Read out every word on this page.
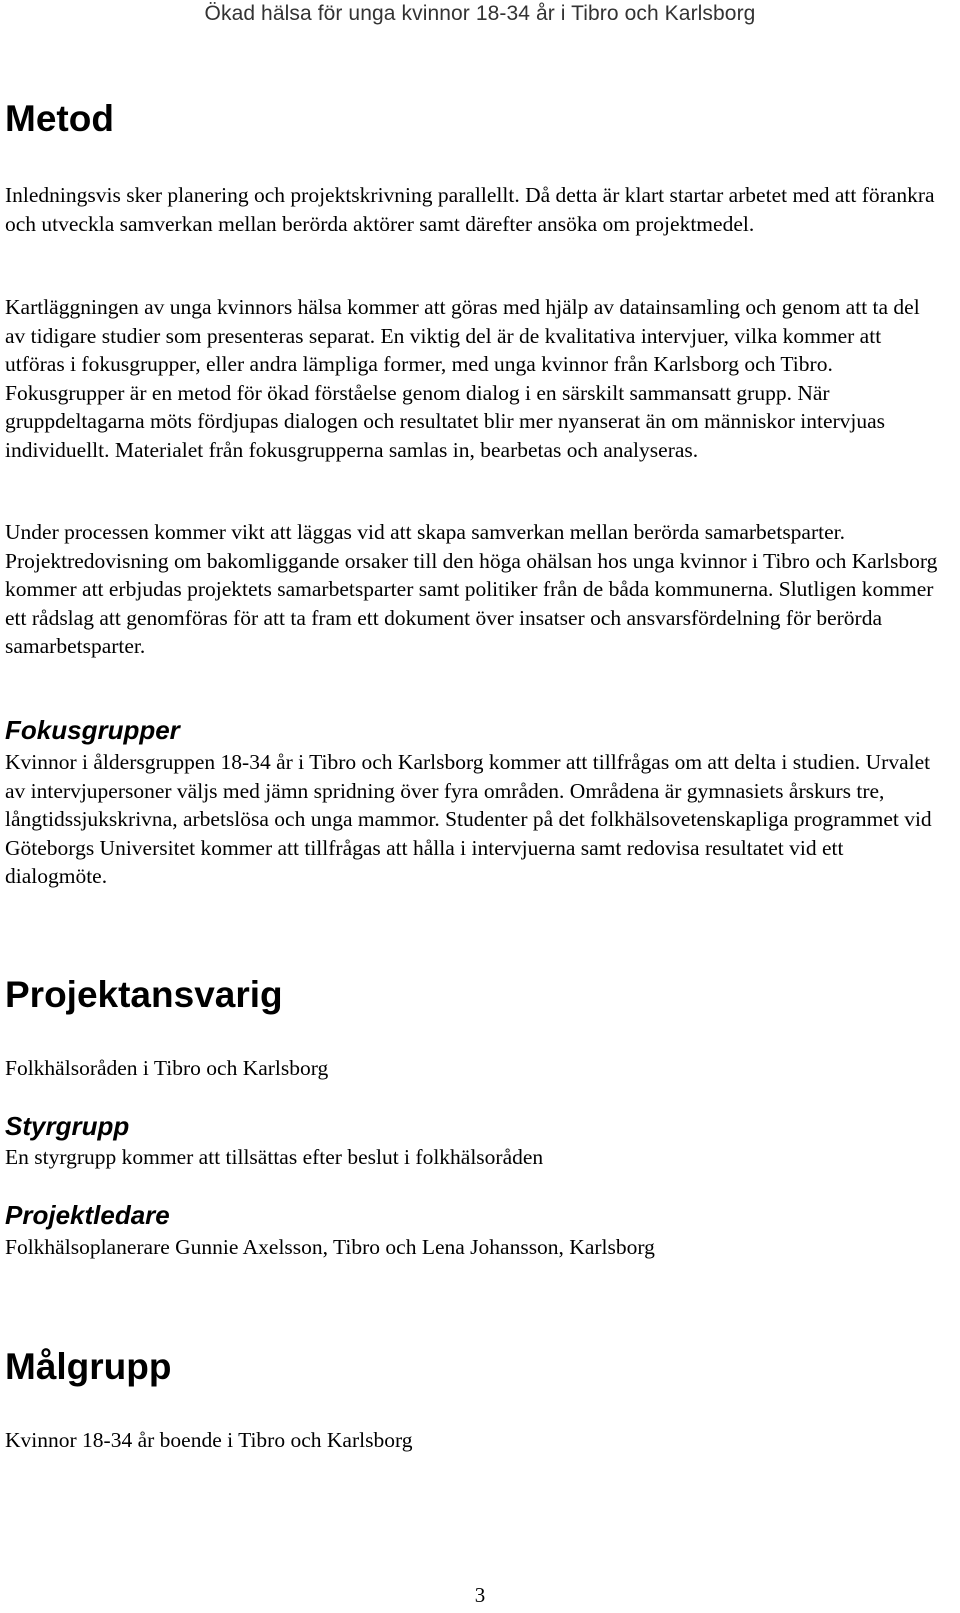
Ökad hälsa för unga kvinnor 18-34 år i Tibro och Karlsborg
Metod

Inledningsvis sker planering och projektskrivning parallellt. Då detta är klart startar arbetet med att förankra och utveckla samverkan mellan berörda aktörer samt därefter ansöka om projektmedel.

Kartläggningen av unga kvinnors hälsa kommer att göras med hjälp av datainsamling och genom att ta del av tidigare studier som presenteras separat. En viktig del är de kvalitativa intervjuer, vilka kommer att utföras i fokusgrupper, eller andra lämpliga former, med unga kvinnor från Karlsborg och Tibro. Fokusgrupper är en metod för ökad förståelse genom dialog i en särskilt sammansatt grupp. När gruppdeltagarna möts fördjupas dialogen och resultatet blir mer nyanserat än om människor intervjuas individuellt. Materialet från fokusgrupperna samlas in, bearbetas och analyseras.

Under processen kommer vikt att läggas vid att skapa samverkan mellan berörda samarbetsparter. Projektredovisning om bakomliggande orsaker till den höga ohälsan hos unga kvinnor i Tibro och Karlsborg kommer att erbjudas projektets samarbetsparter samt politiker från de båda kommunerna. Slutligen kommer ett rådslag att genomföras för att ta fram ett dokument över insatser och ansvarsfördelning för berörda samarbetsparter.

Fokusgrupper

Kvinnor i åldersgruppen 18-34 år i Tibro och Karlsborg kommer att tillfrågas om att delta i studien. Urvalet av intervjupersoner väljs med jämn spridning över fyra områden. Områdena är gymnasiets årskurs tre, långtidssjukskrivna, arbetslösa och unga mammor. Studenter på det folkhälsovetenskapliga programmet vid Göteborgs Universitet kommer att tillfrågas att hålla i intervjuerna samt redovisa resultatet vid ett dialogmöte.

Projektansvarig

Folkhälsoråden i Tibro och Karlsborg

Styrgrupp

En styrgrupp kommer att tillsättas efter beslut i folkhälsoråden

Projektledare

Folkhälsoplanerare Gunnie Axelsson, Tibro och Lena Johansson, Karlsborg

Målgrupp

Kvinnor 18-34 år boende i Tibro och Karlsborg

3
